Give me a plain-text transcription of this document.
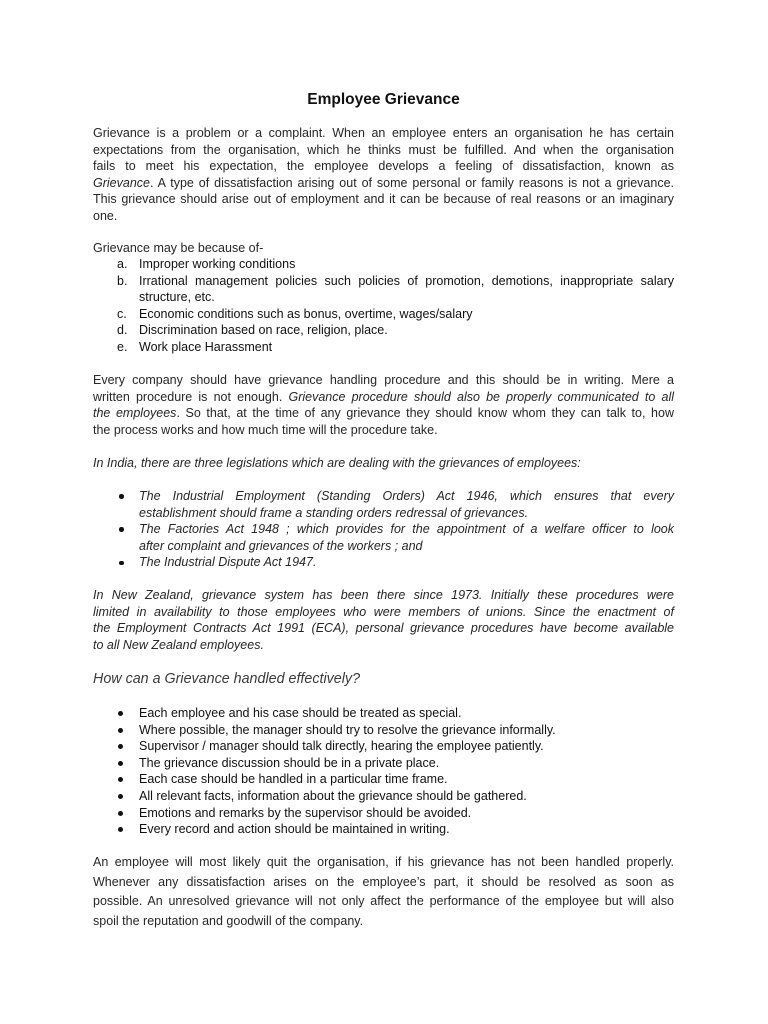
Employee Grievance
Grievance is a problem or a complaint. When an employee enters an organisation he has certain
expectations from the organisation, which he thinks must be fulfilled. And when the organisation
fails to meet his expectation, the employee develops a feeling of dissatisfaction, known as
Grievance. A type of dissatisfaction arising out of some personal or family reasons is not a grievance.
This grievance should arise out of employment and it can be because of real reasons or an imaginary
one.
Grievance may be because of-
a. Improper working conditions
b. Irrational management policies such policies of promotion, demotions, inappropriate salary
structure, etc.
c. Economic conditions such as bonus, overtime, wages/salary
d. Discrimination based on race, religion, place.
e. Work place Harassment
Every company should have grievance handling procedure and this should be in writing. Mere a
written procedure is not enough. Grievance procedure should also be properly communicated to all
the employees. So that, at the time of any grievance they should know whom they can talk to, how
the process works and how much time will the procedure take.
In India, there are three legislations which are dealing with the grievances of employees:
The Industrial Employment (Standing Orders) Act 1946, which ensures that every
establishment should frame a standing orders redressal of grievances.
The Factories Act 1948 ; which provides for the appointment of a welfare officer to look
after complaint and grievances of the workers ; and
The Industrial Dispute Act 1947.
In New Zealand, grievance system has been there since 1973. Initially these procedures were
limited in availability to those employees who were members of unions. Since the enactment of
the Employment Contracts Act 1991 (ECA), personal grievance procedures have become available
to all New Zealand employees.
How can a Grievance handled effectively?
Each employee and his case should be treated as special.
Where possible, the manager should try to resolve the grievance informally.
Supervisor / manager should talk directly, hearing the employee patiently.
The grievance discussion should be in a private place.
Each case should be handled in a particular time frame.
All relevant facts, information about the grievance should be gathered.
Emotions and remarks by the supervisor should be avoided.
Every record and action should be maintained in writing.
An employee will most likely quit the organisation, if his grievance has not been handled properly.
Whenever any dissatisfaction arises on the employee’s part, it should be resolved as soon as
possible. An unresolved grievance will not only affect the performance of the employee but will also
spoil the reputation and goodwill of the company.
